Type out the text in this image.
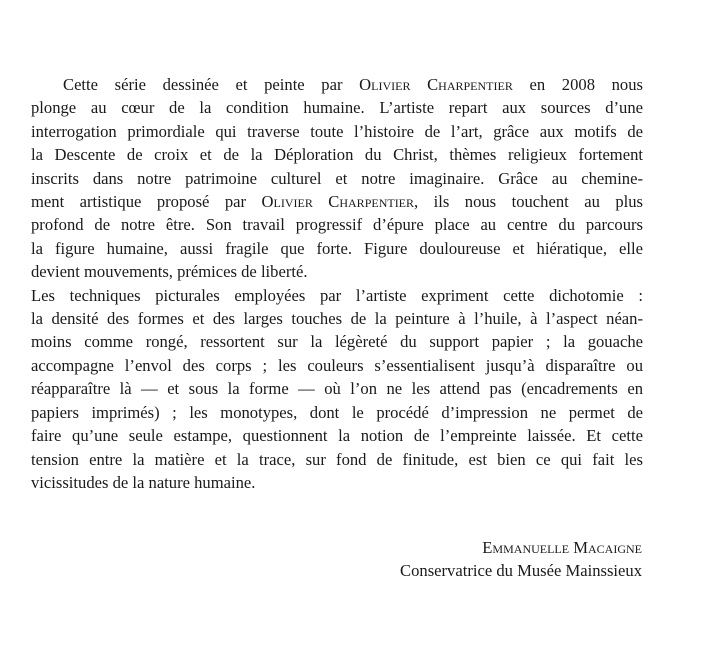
Cette série dessinée et peinte par Olivier Charpentier en 2008 nous
plonge au cœur de la condition humaine. L’artiste repart aux sources d’une
interrogation primordiale qui traverse toute l’histoire de l’art, grâce aux motifs de
la Descente de croix et de la Déploration du Christ, thèmes religieux fortement
inscrits dans notre patrimoine culturel et notre imaginaire. Grâce au chemine-
ment artistique proposé par Olivier Charpentier, ils nous touchent au plus
profond de notre être. Son travail progressif d’épure place au centre du parcours
la figure humaine, aussi fragile que forte. Figure douloureuse et hiératique, elle
devient mouvements, prémices de liberté.
Les techniques picturales employées par l’artiste expriment cette dichotomie :
la densité des formes et des larges touches de la peinture à l’huile, à l’aspect néan-
moins comme rongé, ressortent sur la légèreté du support papier ; la gouache
accompagne l’envol des corps ; les couleurs s’essentialisent jusqu’à disparaître ou
réapparaître là — et sous la forme — où l’on ne les attend pas (encadrements en
papiers imprimés) ; les monotypes, dont le procédé d’impression ne permet de
faire qu’une seule estampe, questionnent la notion de l’empreinte laissée. Et cette
tension entre la matière et la trace, sur fond de finitude, est bien ce qui fait les
vicissitudes de la nature humaine.
Emmanuelle Macaigne
Conservatrice du Musée Mainssieux
